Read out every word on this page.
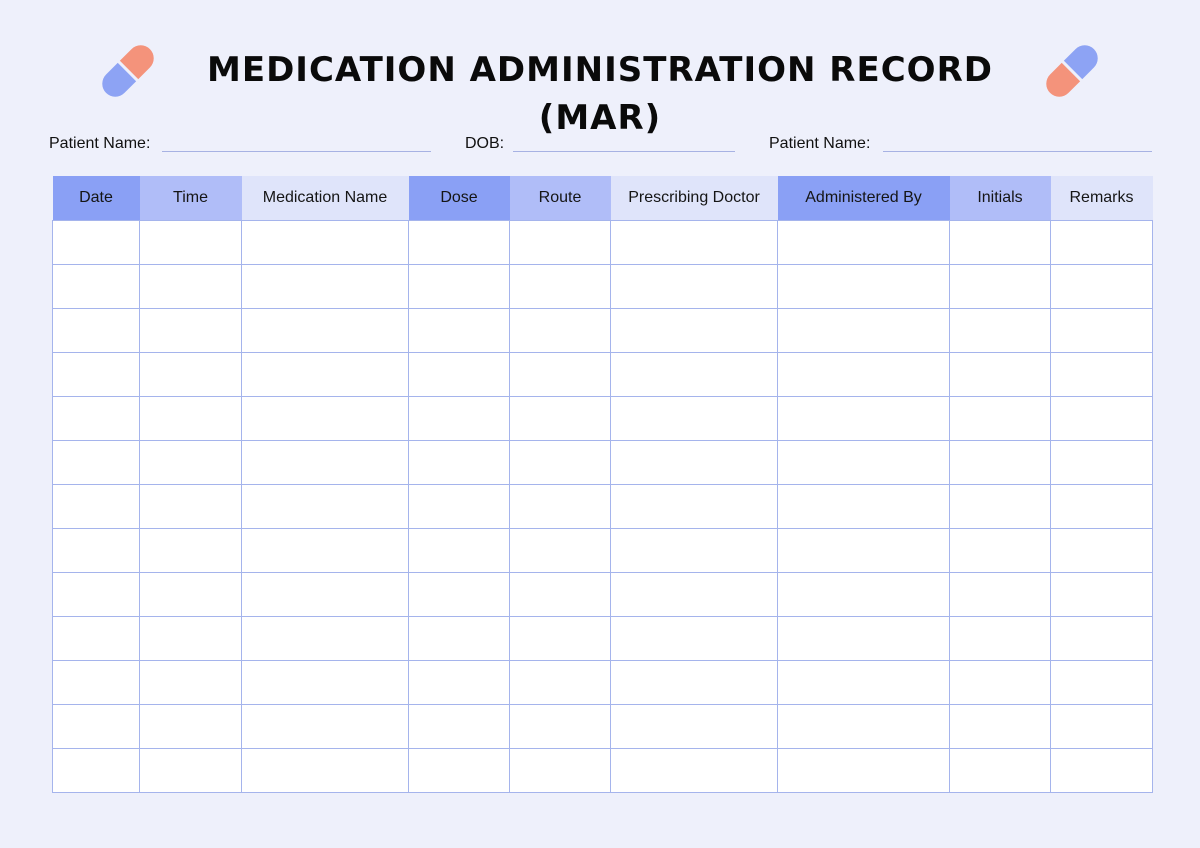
MEDICATION ADMINISTRATION RECORD (MAR)
Patient Name:	DOB:	Patient Name:
Date	Time	Medication Name	Dose	Route	Prescribing Doctor	Administered By	Initials	Remarks
